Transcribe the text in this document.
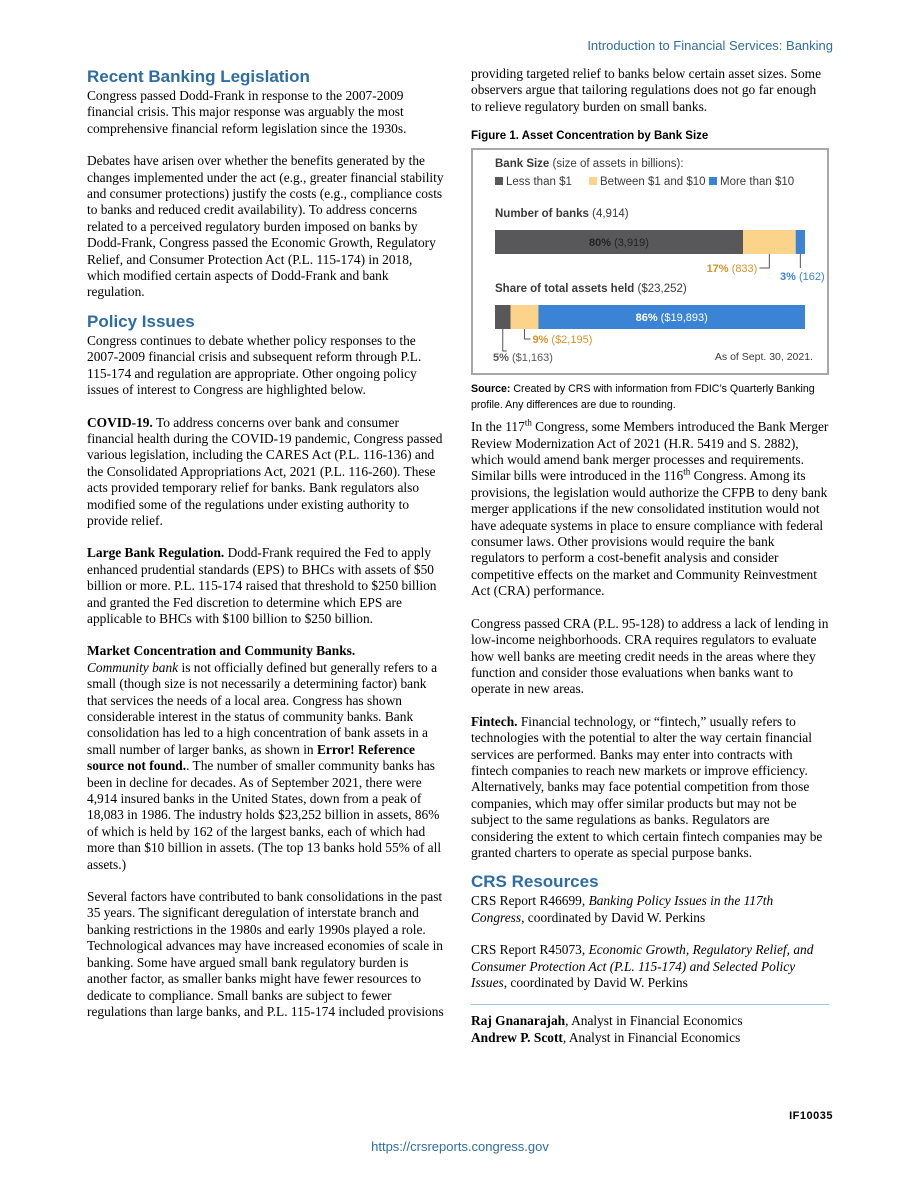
Introduction to Financial Services: Banking
Recent Banking Legislation

Congress passed Dodd-Frank in response to the 2007-2009 financial crisis. This major response was arguably the most comprehensive financial reform legislation since the 1930s.

Debates have arisen over whether the benefits generated by the changes implemented under the act (e.g., greater financial stability and consumer protections) justify the costs (e.g., compliance costs to banks and reduced credit availability). To address concerns related to a perceived regulatory burden imposed on banks by Dodd-Frank, Congress passed the Economic Growth, Regulatory Relief, and Consumer Protection Act (P.L. 115-174) in 2018, which modified certain aspects of Dodd-Frank and bank regulation.

Policy Issues

Congress continues to debate whether policy responses to the 2007-2009 financial crisis and subsequent reform through P.L. 115-174 and regulation are appropriate. Other ongoing policy issues of interest to Congress are highlighted below.

COVID-19. To address concerns over bank and consumer financial health during the COVID-19 pandemic, Congress passed various legislation, including the CARES Act (P.L. 116-136) and the Consolidated Appropriations Act, 2021 (P.L. 116-260). These acts provided temporary relief for banks. Bank regulators also modified some of the regulations under existing authority to provide relief.

Large Bank Regulation. Dodd-Frank required the Fed to apply enhanced prudential standards (EPS) to BHCs with assets of $50 billion or more. P.L. 115-174 raised that threshold to $250 billion and granted the Fed discretion to determine which EPS are applicable to BHCs with $100 billion to $250 billion.

Market Concentration and Community Banks.
Community bank is not officially defined but generally refers to a small (though size is not necessarily a determining factor) bank that services the needs of a local area. Congress has shown considerable interest in the status of community banks. Bank consolidation has led to a high concentration of bank assets in a small number of larger banks, as shown in Error! Reference source not found.. The number of smaller community banks has been in decline for decades. As of September 2021, there were 4,914 insured banks in the United States, down from a peak of 18,083 in 1986. The industry holds $23,252 billion in assets, 86% of which is held by 162 of the largest banks, each of which had more than $10 billion in assets. (The top 13 banks hold 55% of all assets.)

Several factors have contributed to bank consolidations in the past 35 years. The significant deregulation of interstate branch and banking restrictions in the 1980s and early 1990s played a role. Technological advances may have increased economies of scale in banking. Some have argued small bank regulatory burden is another factor, as smaller banks might have fewer resources to dedicate to compliance. Small banks are subject to fewer regulations than large banks, and P.L. 115-174 included provisions

providing targeted relief to banks below certain asset sizes. Some observers argue that tailoring regulations does not go far enough to relieve regulatory burden on small banks.

Figure 1. Asset Concentration by Bank Size
Bank Size (size of assets in billions):
Less than $1 Between $1 and $10 More than $10
Number of banks (4,914)
80% (3,919)
17% (833)
3% (162)
Share of total assets held ($23,252)
5% ($1,163)
9% ($2,195)
86% ($19,893)
As of Sept. 30, 2021.
Source: Created by CRS with information from FDIC’s Quarterly Banking profile. Any differences are due to rounding.

In the 117th Congress, some Members introduced the Bank Merger Review Modernization Act of 2021 (H.R. 5419 and S. 2882), which would amend bank merger processes and requirements. Similar bills were introduced in the 116th Congress. Among its provisions, the legislation would authorize the CFPB to deny bank merger applications if the new consolidated institution would not have adequate systems in place to ensure compliance with federal consumer laws. Other provisions would require the bank regulators to perform a cost-benefit analysis and consider competitive effects on the market and Community Reinvestment Act (CRA) performance.

Congress passed CRA (P.L. 95-128) to address a lack of lending in low-income neighborhoods. CRA requires regulators to evaluate how well banks are meeting credit needs in the areas where they function and consider those evaluations when banks want to operate in new areas.

Fintech. Financial technology, or “fintech,” usually refers to technologies with the potential to alter the way certain financial services are performed. Banks may enter into contracts with fintech companies to reach new markets or improve efficiency. Alternatively, banks may face potential competition from those companies, which may offer similar products but may not be subject to the same regulations as banks. Regulators are considering the extent to which certain fintech companies may be granted charters to operate as special purpose banks.

CRS Resources

CRS Report R46699, Banking Policy Issues in the 117th Congress, coordinated by David W. Perkins

CRS Report R45073, Economic Growth, Regulatory Relief, and Consumer Protection Act (P.L. 115-174) and Selected Policy Issues, coordinated by David W. Perkins

Raj Gnanarajah, Analyst in Financial Economics

Andrew P. Scott, Analyst in Financial Economics

IF10035
https://crsreports.congress.gov
